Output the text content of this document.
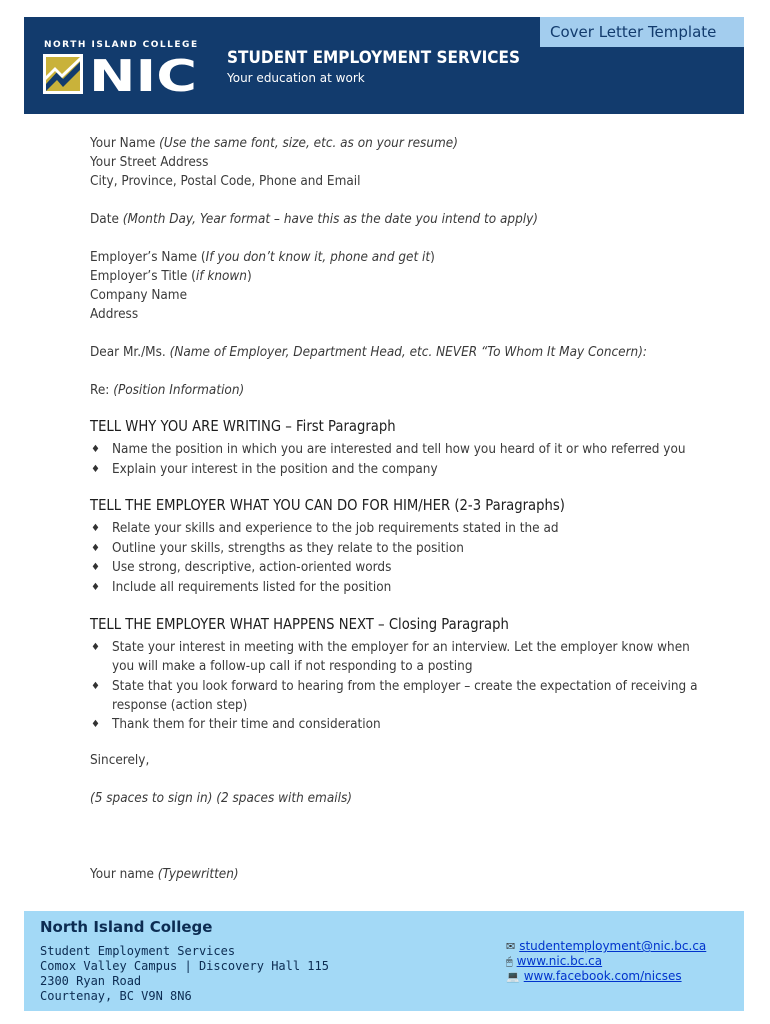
NORTH ISLAND COLLEGE
NIC STUDENT EMPLOYMENT SERVICES
Your education at work
Cover Letter Template
Your Name (Use the same font, size, etc. as on your resume)
Your Street Address
City, Province, Postal Code, Phone and Email
Date (Month Day, Year format – have this as the date you intend to apply)
Employer’s Name (If you don’t know it, phone and get it)
Employer’s Title (if known)
Company Name
Address
Dear Mr./Ms. (Name of Employer, Department Head, etc. NEVER “To Whom It May Concern):
Re: (Position Information)
TELL WHY YOU ARE WRITING – First Paragraph
♦ Name the position in which you are interested and tell how you heard of it or who referred you
♦ Explain your interest in the position and the company
TELL THE EMPLOYER WHAT YOU CAN DO FOR HIM/HER (2-3 Paragraphs)
♦ Relate your skills and experience to the job requirements stated in the ad
♦ Outline your skills, strengths as they relate to the position
♦ Use strong, descriptive, action-oriented words
♦ Include all requirements listed for the position
TELL THE EMPLOYER WHAT HAPPENS NEXT – Closing Paragraph
♦ State your interest in meeting with the employer for an interview. Let the employer know when you will make a follow-up call if not responding to a posting
♦ State that you look forward to hearing from the employer – create the expectation of receiving a response (action step)
♦ Thank them for their time and consideration
Sincerely,
(5 spaces to sign in) (2 spaces with emails)
Your name (Typewritten)
North Island College
Student Employment Services
Comox Valley Campus | Discovery Hall 115
2300 Ryan Road
Courtenay, BC V9N 8N6
✉ studentemployment@nic.bc.ca
🖱 www.nic.bc.ca
💻 www.facebook.com/nicses
